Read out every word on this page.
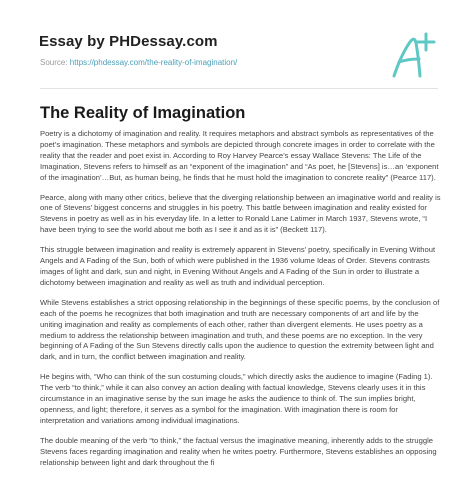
Essay by PHDessay.com
Source: https://phdessay.com/the-reality-of-imagination/
The Reality of Imagination

Poetry is a dichotomy of imagination and reality. It requires metaphors and abstract symbols as representatives of the poet’s imagination. These metaphors and symbols are depicted through concrete images in order to correlate with the reality that the reader and poet exist in. According to Roy Harvey Pearce’s essay Wallace Stevens: The Life of the Imagination, Stevens refers to himself as an “exponent of the imagination” and “As poet, he [Stevens] is…an ‘exponent of the imagination’…But, as human being, he finds that he must hold the imagination to concrete reality” (Pearce 117).

Pearce, along with many other critics, believe that the diverging relationship between an imaginative world and reality is one of Stevens’ biggest concerns and struggles in his poetry. This battle between imagination and reality existed for Stevens in poetry as well as in his everyday life. In a letter to Ronald Lane Latimer in March 1937, Stevens wrote, “I have been trying to see the world about me both as I see it and as it is” (Beckett 117).

This struggle between imagination and reality is extremely apparent in Stevens’ poetry, specifically in Evening Without Angels and A Fading of the Sun, both of which were published in the 1936 volume Ideas of Order. Stevens contrasts images of light and dark, sun and night, in Evening Without Angels and A Fading of the Sun in order to illustrate a dichotomy between imagination and reality as well as truth and individual perception.

While Stevens establishes a strict opposing relationship in the beginnings of these specific poems, by the conclusion of each of the poems he recognizes that both imagination and truth are necessary components of art and life by the uniting imagination and reality as complements of each other, rather than divergent elements. He uses poetry as a medium to address the relationship between imagination and truth, and these poems are no exception. In the very beginning of A Fading of the Sun Stevens directly calls upon the audience to question the extremity between light and dark, and in turn, the conflict between imagination and reality.

He begins with, “Who can think of the sun costuming clouds,” which directly asks the audience to imagine (Fading 1). The verb “to think,” while it can also convey an action dealing with factual knowledge, Stevens clearly uses it in this circumstance in an imaginative sense by the sun image he asks the audience to think of. The sun implies bright, openness, and light; therefore, it serves as a symbol for the imagination. With imagination there is room for interpretation and variations among individual imaginations.

The double meaning of the verb “to think,” the factual versus the imaginative meaning, inherently adds to the struggle Stevens faces regarding imagination and reality when he writes poetry. Furthermore, Stevens establishes an opposing relationship between light and dark throughout the fi
